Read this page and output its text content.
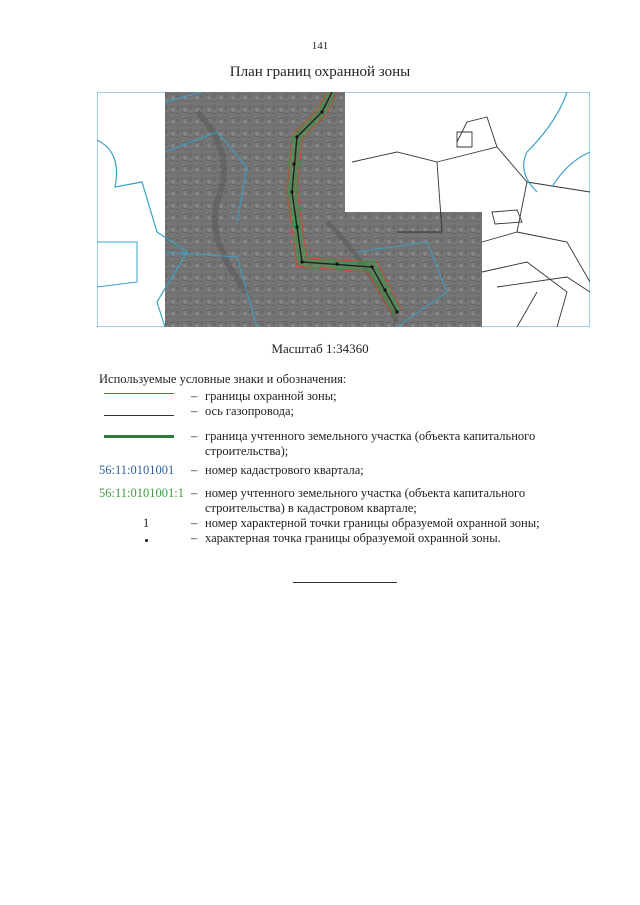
141
План границ охранной зоны
Масштаб 1:34360
Используемые условные знаки и обозначения:
– границы охранной зоны;
– ось газопровода;
– граница учтенного земельного участка (объекта капитального строительства);
56:11:0101001	– номер кадастрового квартала;
56:11:0101001:1 – номер учтенного земельного участка (объекта капитального строительства) в кадастровом квартале;
1	– номер характерной точки границы образуемой охранной зоны;
– характерная точка границы образуемой охранной зоны.
